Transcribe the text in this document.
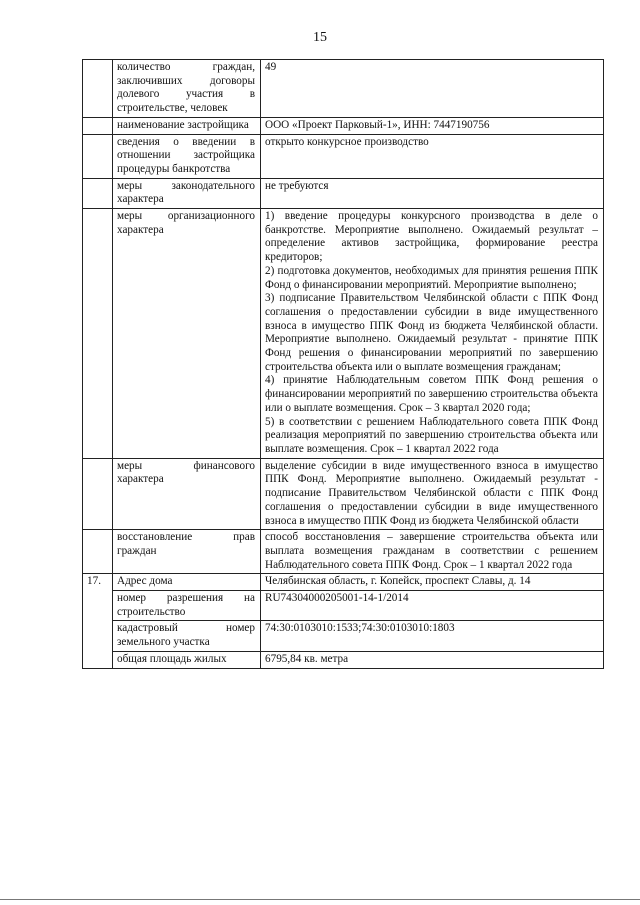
15
	количество граждан, заключивших договоры долевого участия в строительстве, человек	49

	наименование застройщика	ООО «Проект Парковый-1», ИНН: 7447190756

	сведения о введении в отношении застройщика процедуры банкротства	открыто конкурсное производство

	меры законодательного характера	не требуются

	меры организационного характера	1) введение процедуры конкурсного производства в деле о банкротстве. Мероприятие выполнено. Ожидаемый результат – определение активов застройщика, формирование реестра кредиторов;
2) подготовка документов, необходимых для принятия решения ППК Фонд о финансировании мероприятий. Мероприятие выполнено;
3) подписание Правительством Челябинской области с ППК Фонд соглашения о предоставлении субсидии в виде имущественного взноса в имущество ППК Фонд из бюджета Челябинской области. Мероприятие выполнено. Ожидаемый результат - принятие ППК Фонд решения о финансировании мероприятий по завершению строительства объекта или о выплате возмещения гражданам;
4) принятие Наблюдательным советом ППК Фонд решения о финансировании мероприятий по завершению строительства объекта или о выплате возмещения. Срок – 3 квартал 2020 года;
5) в соответствии с решением Наблюдательного совета ППК Фонд реализация мероприятий по завершению строительства объекта или выплате возмещения. Срок – 1 квартал 2022 года

	меры финансового характера	выделение субсидии в виде имущественного взноса в имущество ППК Фонд. Мероприятие выполнено. Ожидаемый результат - подписание Правительством Челябинской области с ППК Фонд соглашения о предоставлении субсидии в виде имущественного взноса в имущество ППК Фонд из бюджета Челябинской области

	восстановление прав граждан	способ восстановления – завершение строительства объекта или выплата возмещения гражданам в соответствии с решением Наблюдательного совета ППК Фонд. Срок – 1 квартал 2022 года

17.	Адрес дома	Челябинская область, г. Копейск, проспект Славы, д. 14

	номер разрешения на строительство	RU74304000205001-14-1/2014

	кадастровый номер земельного участка	74:30:0103010:1533;74:30:0103010:1803

	общая площадь жилых	6795,84 кв. метра
